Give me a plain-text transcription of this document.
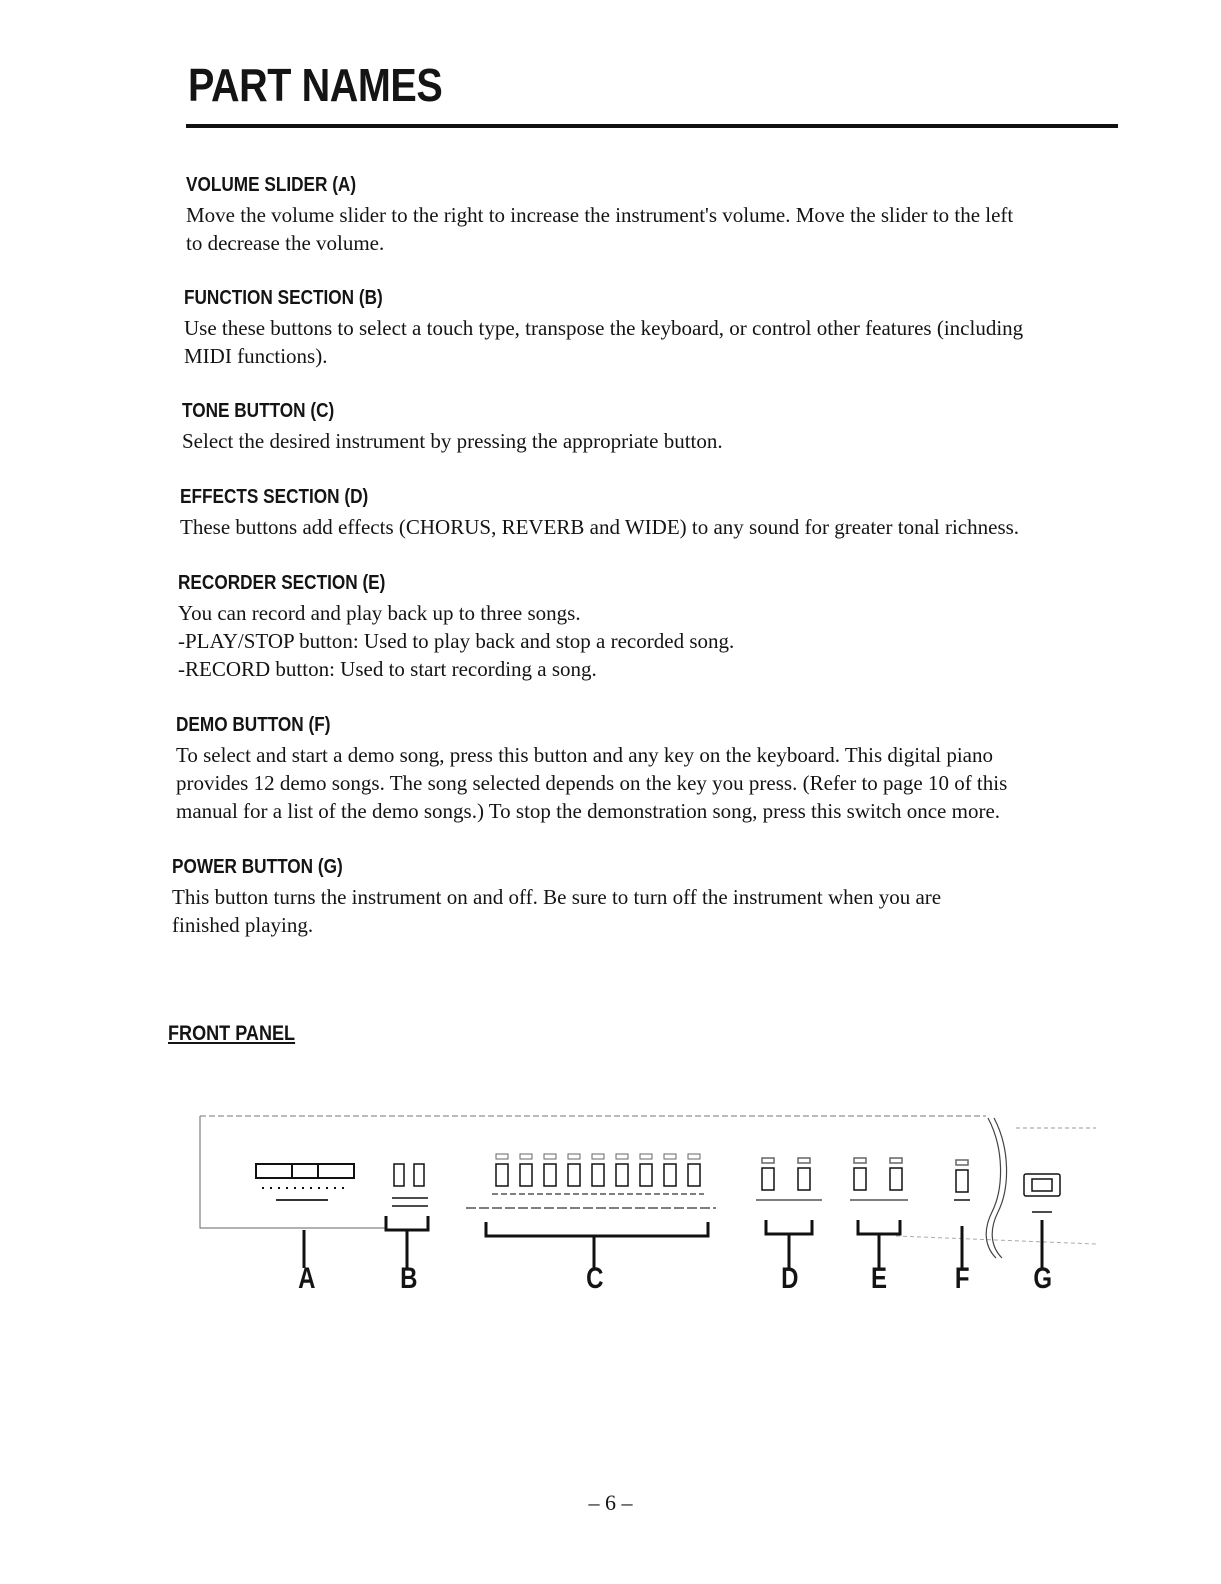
PART NAMES
VOLUME SLIDER (A)

Move the volume slider to the right to increase the instrument's volume. Move the slider to the left

to decrease the volume.

FUNCTION SECTION (B)

Use these buttons to select a touch type, transpose the keyboard, or control other features (including

MIDI functions).

TONE BUTTON (C)

Select the desired instrument by pressing the appropriate button.

EFFECTS SECTION (D)

These buttons add effects (CHORUS, REVERB and WIDE) to any sound for greater tonal richness.

RECORDER SECTION (E)

You can record and play back up to three songs.

-PLAY/STOP button: Used to play back and stop a recorded song.

-RECORD button: Used to start recording a song.

DEMO BUTTON (F)

To select and start a demo song, press this button and any key on the keyboard. This digital piano

provides 12 demo songs. The song selected depends on the key you press. (Refer to page 10 of this

manual for a list of the demo songs.) To stop the demonstration song, press this switch once more.

POWER BUTTON (G)

This button turns the instrument on and off. Be sure to turn off the instrument when you are

finished playing.

FRONT PANEL
A	B	C	D E F G
– 6 –
